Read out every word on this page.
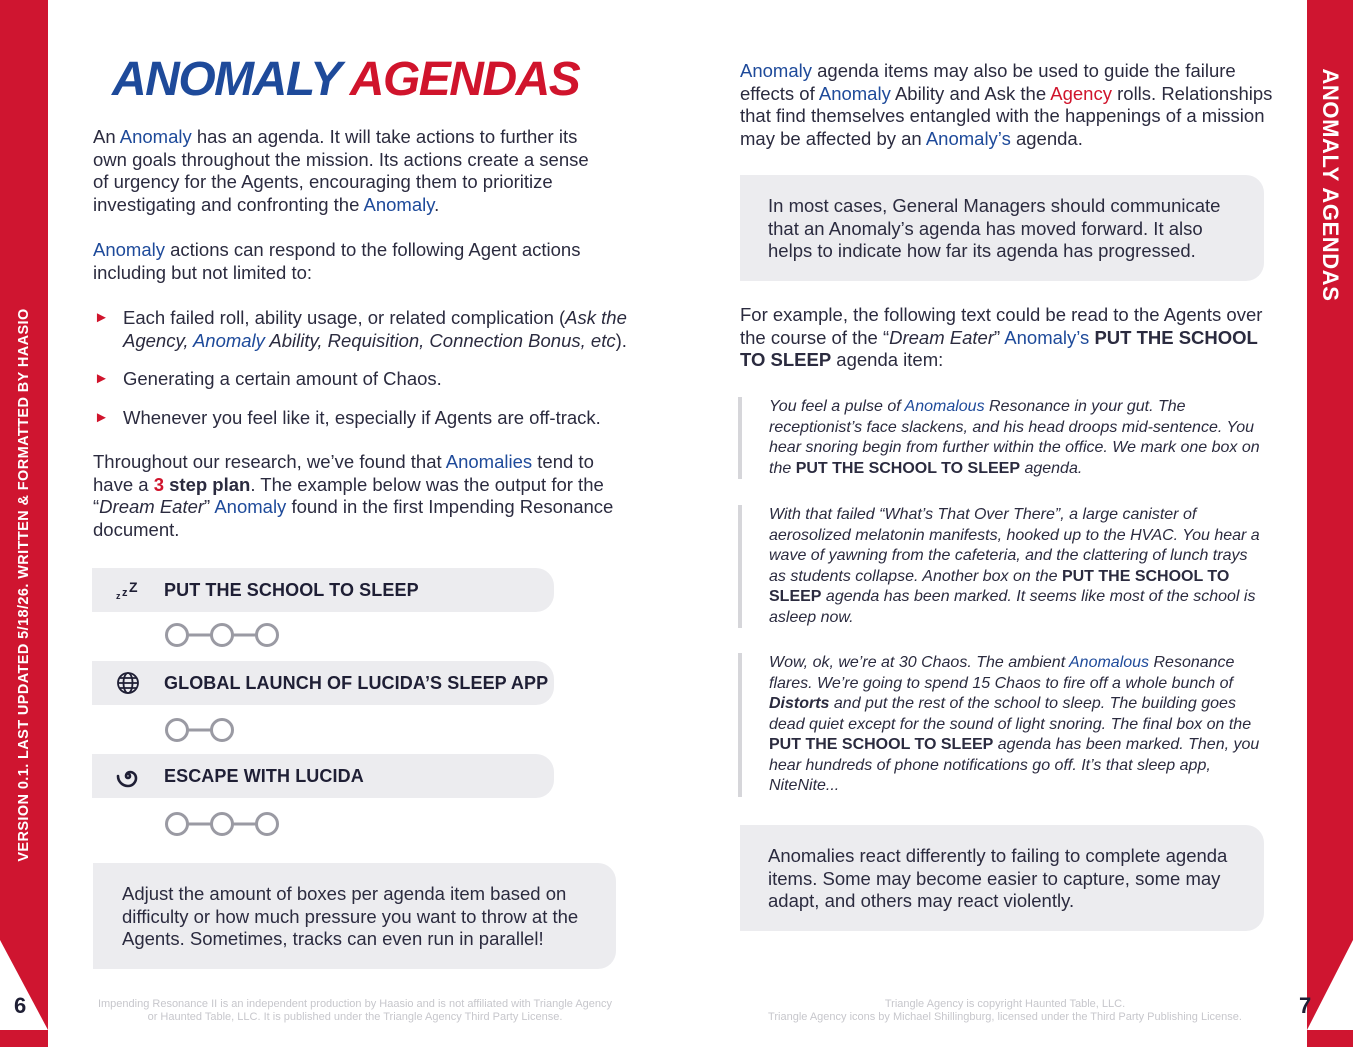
VERSION 0.1. LAST UPDATED 5/18/26. WRITTEN & FORMATTED BY HAASIO
ANOMALY AGENDAS
6	7
ANOMALY AGENDAS

An Anomaly has an agenda. It will take actions to further its own goals throughout the mission. Its actions create a sense of urgency for the Agents, encouraging them to prioritize investigating and confronting the Anomaly.

Anomaly actions can respond to the following Agent actions including but not limited to:

► Each failed roll, ability usage, or related complication (Ask the Agency, Anomaly Ability, Requisition, Connection Bonus, etc).
► Generating a certain amount of Chaos.
► Whenever you feel like it, especially if Agents are off-track.

Throughout our research, we’ve found that Anomalies tend to have a 3 step plan. The example below was the output for the “Dream Eater” Anomaly found in the first Impending Resonance document.

z z Z PUT THE SCHOOL TO SLEEP
GLOBAL LAUNCH OF LUCIDA’S SLEEP APP
ESCAPE WITH LUCIDA
Adjust the amount of boxes per agenda item based on difficulty or how much pressure you want to throw at the Agents. Sometimes, tracks can even run in parallel!

Anomaly agenda items may also be used to guide the failure effects of Anomaly Ability and Ask the Agency rolls. Relationships that find themselves entangled with the happenings of a mission may be affected by an Anomaly’s agenda.

In most cases, General Managers should communicate that an Anomaly’s agenda has moved forward. It also helps to indicate how far its agenda has progressed.

For example, the following text could be read to the Agents over the course of the “Dream Eater” Anomaly’s PUT THE SCHOOL TO SLEEP agenda item:

You feel a pulse of Anomalous Resonance in your gut. The receptionist’s face slackens, and his head droops mid-sentence. You hear snoring begin from further within the office. We mark one box on the PUT THE SCHOOL TO SLEEP agenda.
With that failed “What’s That Over There”, a large canister of aerosolized melatonin manifests, hooked up to the HVAC. You hear a wave of yawning from the cafeteria, and the clattering of lunch trays as students collapse. Another box on the PUT THE SCHOOL TO SLEEP agenda has been marked. It seems like most of the school is asleep now.
Wow, ok, we’re at 30 Chaos. The ambient Anomalous Resonance flares. We’re going to spend 15 Chaos to fire off a whole bunch of Distorts and put the rest of the school to sleep. The building goes dead quiet except for the sound of light snoring. The final box on the PUT THE SCHOOL TO SLEEP agenda has been marked. Then, you hear hundreds of phone notifications go off. It’s that sleep app, NiteNite...
Anomalies react differently to failing to complete agenda items. Some may become easier to capture, some may adapt, and others may react violently.
Impending Resonance II is an independent production by Haasio and is not affiliated with Triangle Agency or Haunted Table, LLC. It is published under the Triangle Agency Third Party License.
Triangle Agency is copyright Haunted Table, LLC.
Triangle Agency icons by Michael Shillingburg, licensed under the Third Party Publishing License.
